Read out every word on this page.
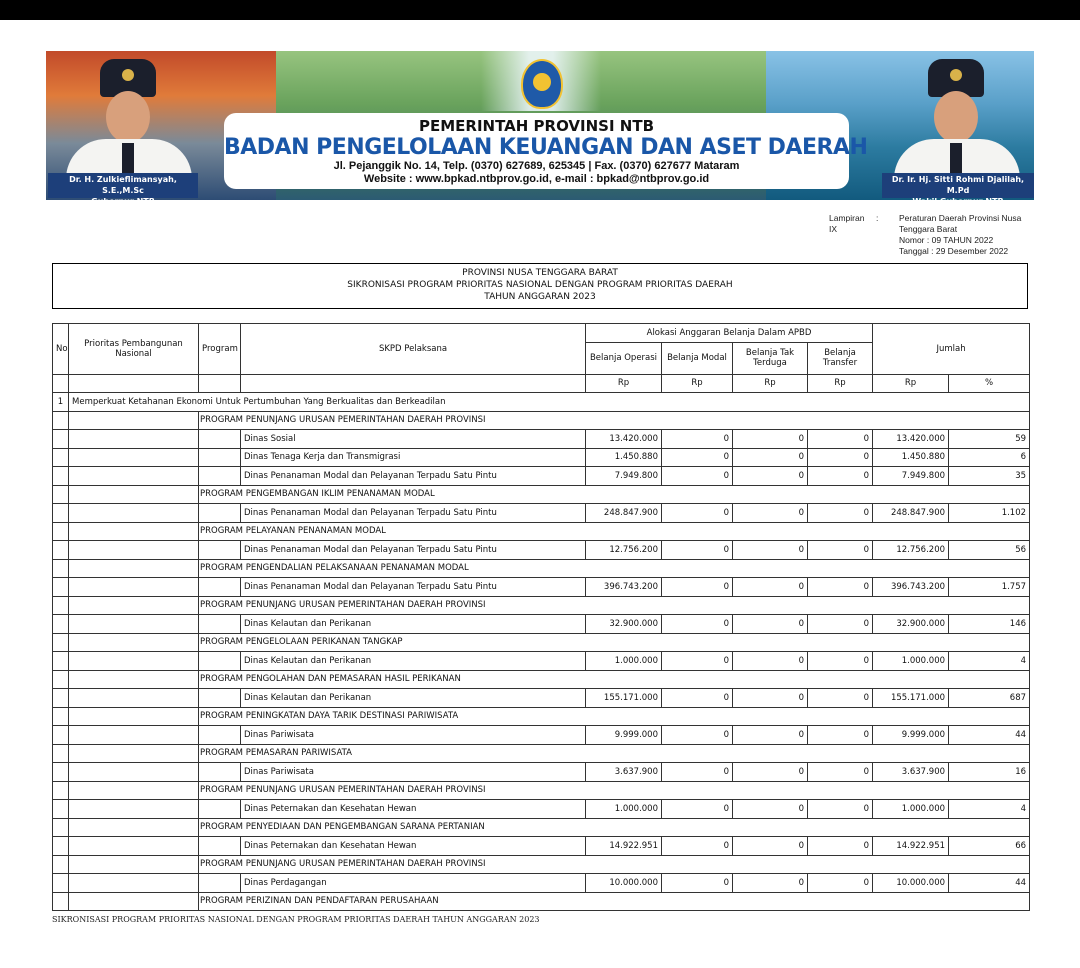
Dr. H. Zulkieflimansyah, S.E.,M.Sc
Gubernur NTB
Dr. Ir. Hj. Sitti Rohmi Djalilah, M.Pd
Wakil Gubernur NTB
PEMERINTAH PROVINSI NTB
BADAN PENGELOLAAN KEUANGAN DAN ASET DAERAH
Jl. Pejanggik No. 14, Telp. (0370) 627689, 625345 | Fax. (0370) 627677 Mataram
Website : www.bpkad.ntbprov.go.id, e-mail : bpkad@ntbprov.go.id
Lampiran IX
: Peraturan Daerah Provinsi Nusa
Tenggara Barat
Nomor : 09 TAHUN 2022
Tanggal : 29 Desember 2022
PROVINSI NUSA TENGGARA BARAT
SIKRONISASI PROGRAM PRIORITAS NASIONAL DENGAN PROGRAM PRIORITAS DAERAH
TAHUN ANGGARAN 2023
No	Prioritas Pembangunan Nasional	Program	SKPD Pelaksana	Alokasi Anggaran Belanja Dalam APBD				Jumlah	
				Belanja Operasi	Belanja Modal	Belanja Tak Terduga	Belanja Transfer		
				Rp	Rp	Rp	Rp	Rp	%
1	Memperkuat Ketahanan Ekonomi Untuk Pertumbuhan Yang Berkualitas dan Berkeadilan								
		PROGRAM PENUNJANG URUSAN PEMERINTAHAN DAERAH PROVINSI							
			Dinas Sosial	13.420.000	0	0	0	13.420.000	59
			Dinas Tenaga Kerja dan Transmigrasi	1.450.880	0	0	0	1.450.880	6
			Dinas Penanaman Modal dan Pelayanan Terpadu Satu Pintu	7.949.800	0	0	0	7.949.800	35
		PROGRAM PENGEMBANGAN IKLIM PENANAMAN MODAL							
			Dinas Penanaman Modal dan Pelayanan Terpadu Satu Pintu	248.847.900	0	0	0	248.847.900	1.102
		PROGRAM PELAYANAN PENANAMAN MODAL							
			Dinas Penanaman Modal dan Pelayanan Terpadu Satu Pintu	12.756.200	0	0	0	12.756.200	56
		PROGRAM PENGENDALIAN PELAKSANAAN PENANAMAN MODAL							
			Dinas Penanaman Modal dan Pelayanan Terpadu Satu Pintu	396.743.200	0	0	0	396.743.200	1.757
		PROGRAM PENUNJANG URUSAN PEMERINTAHAN DAERAH PROVINSI							
			Dinas Kelautan dan Perikanan	32.900.000	0	0	0	32.900.000	146
		PROGRAM PENGELOLAAN PERIKANAN TANGKAP							
			Dinas Kelautan dan Perikanan	1.000.000	0	0	0	1.000.000	4
		PROGRAM PENGOLAHAN DAN PEMASARAN HASIL PERIKANAN							
			Dinas Kelautan dan Perikanan	155.171.000	0	0	0	155.171.000	687
		PROGRAM PENINGKATAN DAYA TARIK DESTINASI PARIWISATA							
			Dinas Pariwisata	9.999.000	0	0	0	9.999.000	44
		PROGRAM PEMASARAN PARIWISATA							
			Dinas Pariwisata	3.637.900	0	0	0	3.637.900	16
		PROGRAM PENUNJANG URUSAN PEMERINTAHAN DAERAH PROVINSI							
			Dinas Peternakan dan Kesehatan Hewan	1.000.000	0	0	0	1.000.000	4
		PROGRAM PENYEDIAAN DAN PENGEMBANGAN SARANA PERTANIAN							
			Dinas Peternakan dan Kesehatan Hewan	14.922.951	0	0	0	14.922.951	66
		PROGRAM PENUNJANG URUSAN PEMERINTAHAN DAERAH PROVINSI							
			Dinas Perdagangan	10.000.000	0	0	0	10.000.000	44
		PROGRAM PERIZINAN DAN PENDAFTARAN PERUSAHAAN							
SIKRONISASI PROGRAM PRIORITAS NASIONAL DENGAN PROGRAM PRIORITAS DAERAH TAHUN ANGGARAN 2023
